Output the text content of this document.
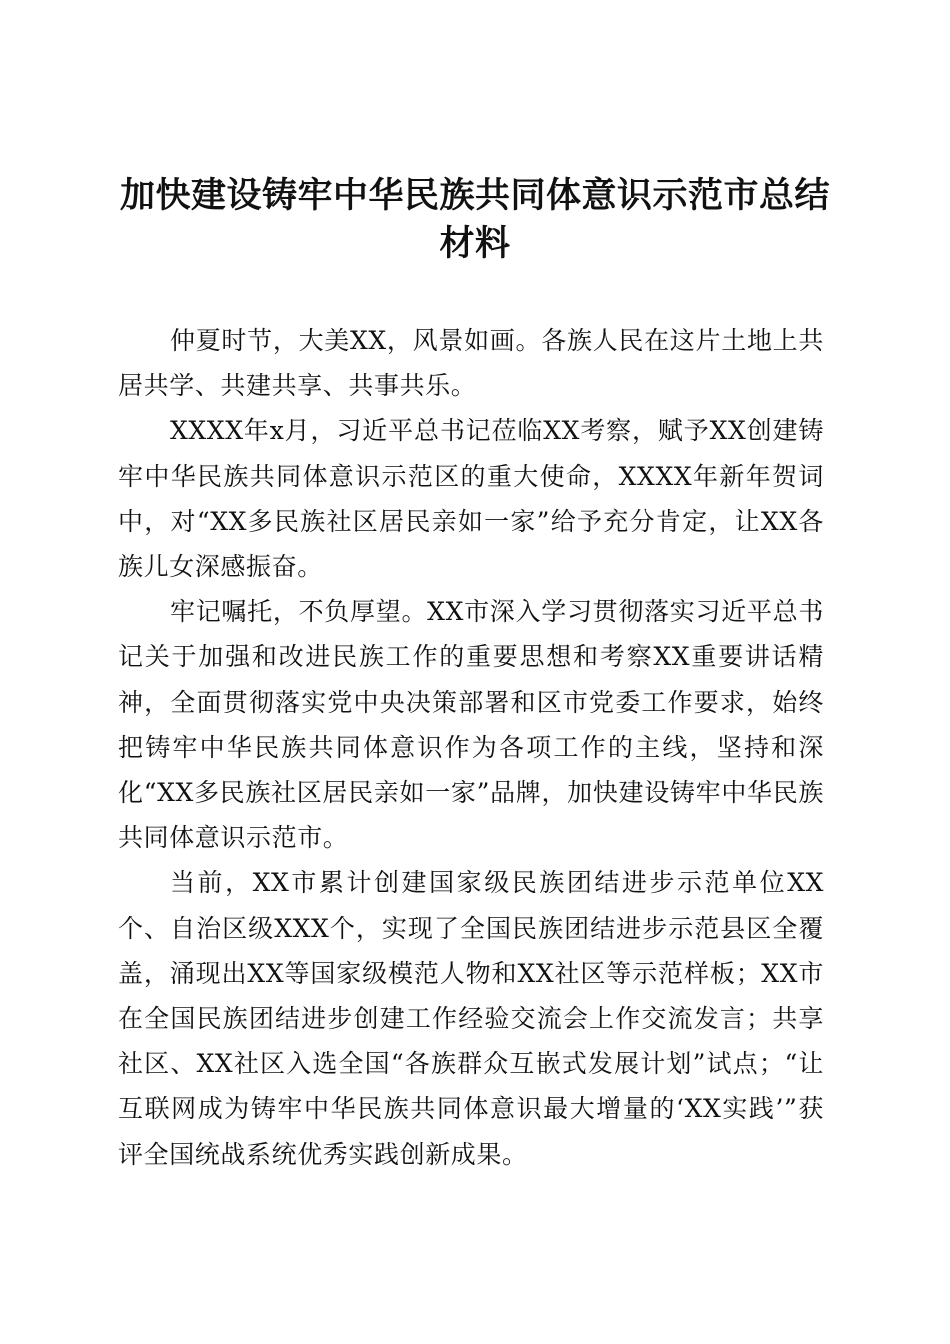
加快建设铸牢中华民族共同体意识示范市总结材料

仲夏时节，大美XX，风景如画。各族人民在这片土地上共居共学、共建共享、共事共乐。

XXXX年x月，习近平总书记莅临XX考察，赋予XX创建铸牢中华民族共同体意识示范区的重大使命，XXXX年新年贺词中，对“XX多民族社区居民亲如一家”给予充分肯定，让XX各族儿女深感振奋。

牢记嘱托，不负厚望。XX市深入学习贯彻落实习近平总书记关于加强和改进民族工作的重要思想和考察XX重要讲话精神，全面贯彻落实党中央决策部署和区市党委工作要求，始终把铸牢中华民族共同体意识作为各项工作的主线，坚持和深化“XX多民族社区居民亲如一家”品牌，加快建设铸牢中华民族共同体意识示范市。

当前，XX市累计创建国家级民族团结进步示范单位XX个、自治区级XXX个，实现了全国民族团结进步示范县区全覆盖，涌现出XX等国家级模范人物和XX社区等示范样板；XX市在全国民族团结进步创建工作经验交流会上作交流发言；共享社区、XX社区入选全国“各族群众互嵌式发展计划”试点；“让互联网成为铸牢中华民族共同体意识最大增量的‘XX实践’”获评全国统战系统优秀实践创新成果。
